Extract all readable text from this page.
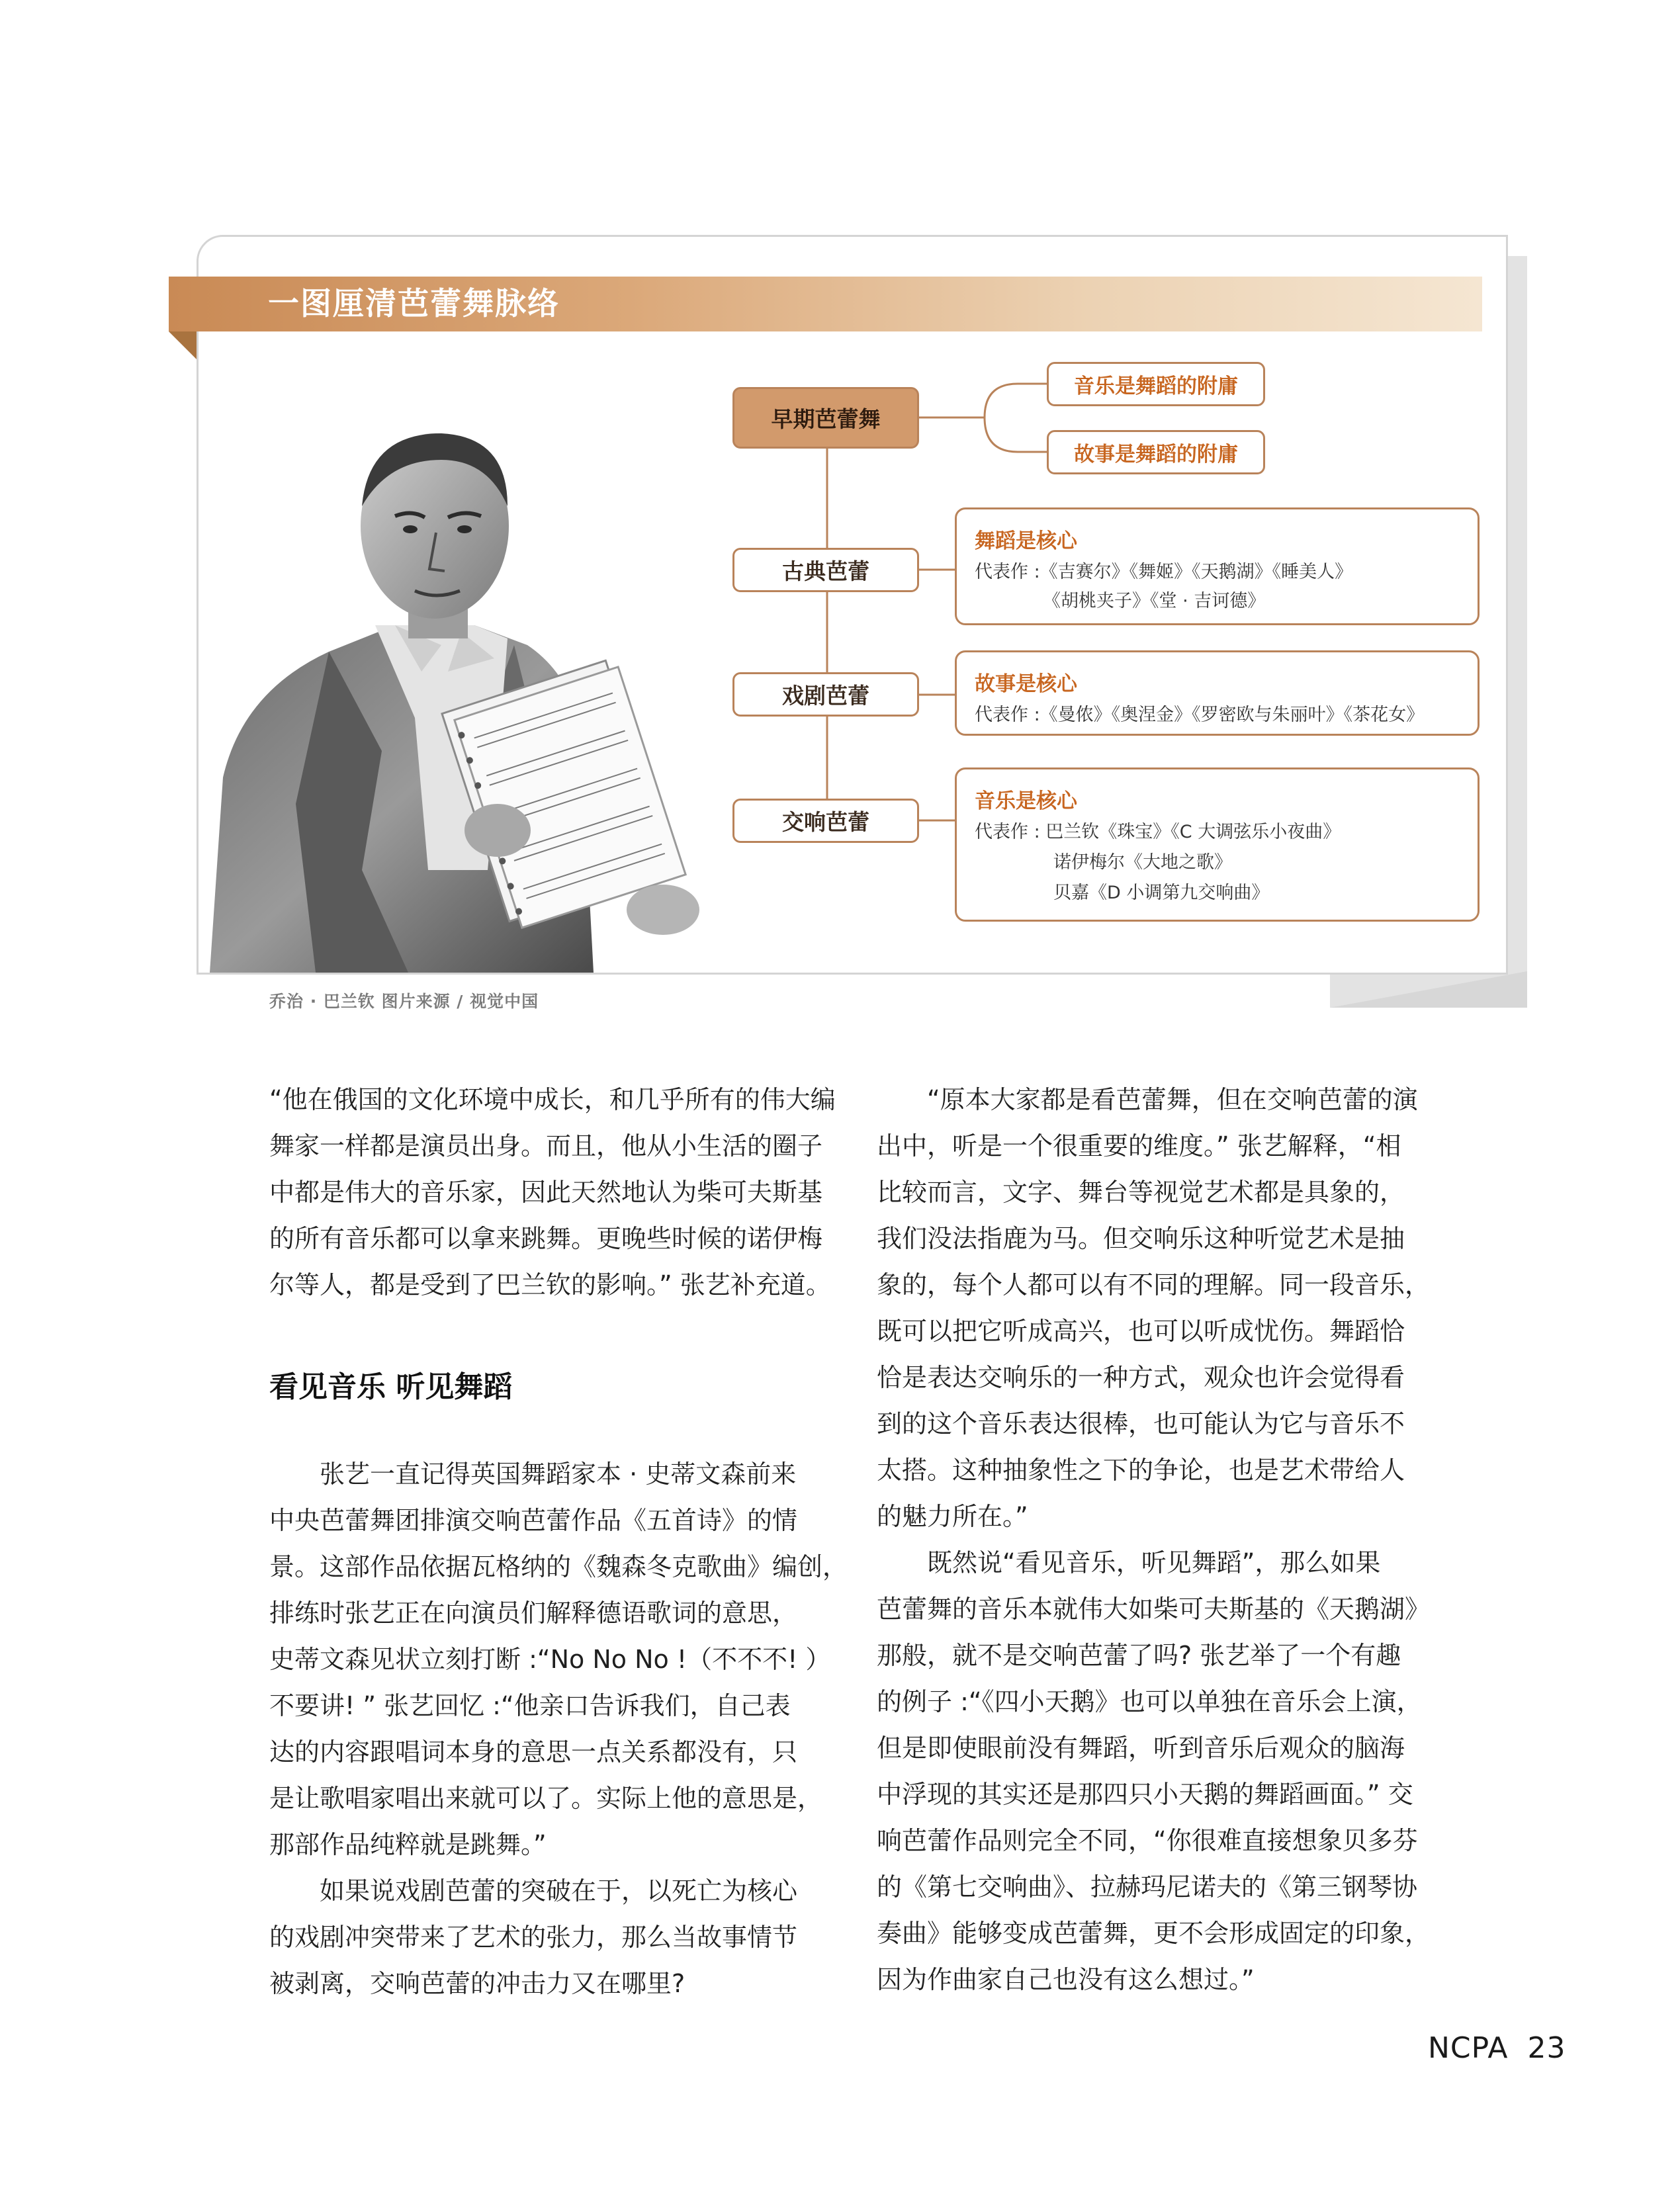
一图厘清芭蕾舞脉络
乔治 · 巴兰钦 图片来源 / 视觉中国
早期芭蕾舞
音乐是舞蹈的附庸
故事是舞蹈的附庸
古典芭蕾
舞蹈是核心
代表作 :《吉赛尔》《舞姬》《天鹅湖》《睡美人》
《胡桃夹子》《堂 · 吉诃德》
戏剧芭蕾	故事是核心
代表作 :《曼侬》《奥涅金》《罗密欧与朱丽叶》《茶花女》
交响芭蕾
音乐是核心
代表作 : 巴兰钦《珠宝》《C 大调弦乐小夜曲》
诺伊梅尔《大地之歌》
贝嘉《D 小调第九交响曲》

“他在俄国的文化环境中成长，和几乎所有的伟大编

舞家一样都是演员出身。而且，他从小生活的圈子

中都是伟大的音乐家，因此天然地认为柴可夫斯基

的所有音乐都可以拿来跳舞。更晚些时候的诺伊梅

尔等人，都是受到了巴兰钦的影响。” 张艺补充道。

看见音乐 听见舞蹈

　　张艺一直记得英国舞蹈家本 · 史蒂文森前来

中央芭蕾舞团排演交响芭蕾作品《五首诗》的情

景。这部作品依据瓦格纳的《魏森冬克歌曲》编创，

排练时张艺正在向演员们解释德语歌词的意思，

史蒂文森见状立刻打断 :“No No No !（不不不! ）

不要讲! ” 张艺回忆 :“他亲口告诉我们，自己表

达的内容跟唱词本身的意思一点关系都没有，只

是让歌唱家唱出来就可以了。实际上他的意思是，

那部作品纯粹就是跳舞。”

　　如果说戏剧芭蕾的突破在于，以死亡为核心

的戏剧冲突带来了艺术的张力，那么当故事情节

被剥离，交响芭蕾的冲击力又在哪里?

　　“原本大家都是看芭蕾舞，但在交响芭蕾的演

出中，听是一个很重要的维度。” 张艺解释，“相

比较而言，文字、舞台等视觉艺术都是具象的，

我们没法指鹿为马。但交响乐这种听觉艺术是抽

象的，每个人都可以有不同的理解。同一段音乐，

既可以把它听成高兴，也可以听成忧伤。舞蹈恰

恰是表达交响乐的一种方式，观众也许会觉得看

到的这个音乐表达很棒，也可能认为它与音乐不

太搭。这种抽象性之下的争论，也是艺术带给人

的魅力所在。”

　　既然说“看见音乐，听见舞蹈”，那么如果

芭蕾舞的音乐本就伟大如柴可夫斯基的《天鹅湖》

那般，就不是交响芭蕾了吗? 张艺举了一个有趣

的例子 :“《四小天鹅》也可以单独在音乐会上演，

但是即使眼前没有舞蹈，听到音乐后观众的脑海

中浮现的其实还是那四只小天鹅的舞蹈画面。” 交

响芭蕾作品则完全不同，“你很难直接想象贝多芬

的《第七交响曲》、拉赫玛尼诺夫的《第三钢琴协

奏曲》能够变成芭蕾舞，更不会形成固定的印象，

因为作曲家自己也没有这么想过。”

NCPA 23
